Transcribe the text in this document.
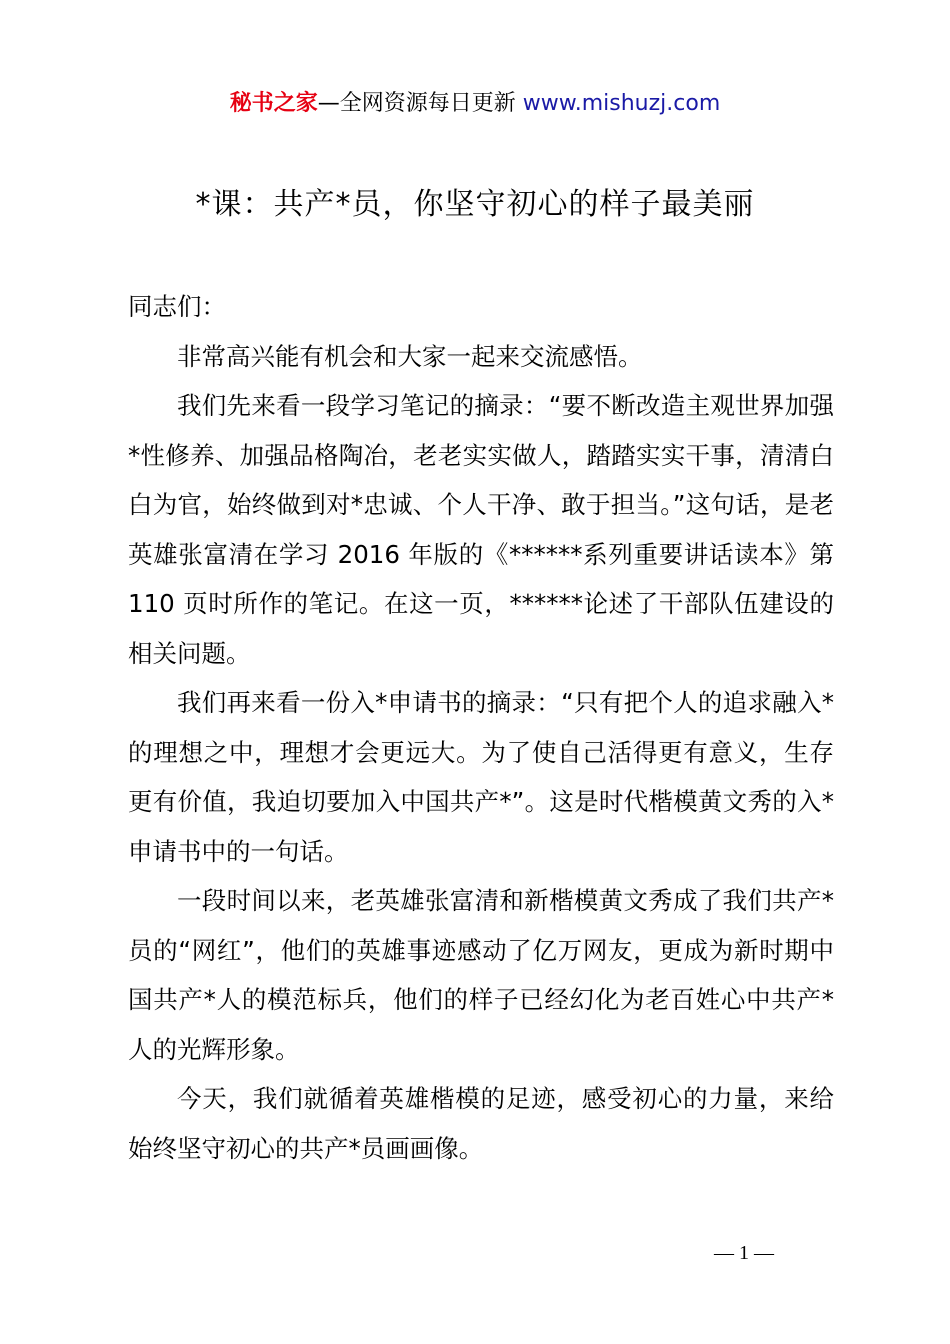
秘书之家—全网资源每日更新 www.mishuzj.com
*课：共产*员，你坚守初心的样子最美丽

同志们：

非常高兴能有机会和大家一起来交流感悟。

我们先来看一段学习笔记的摘录：“要不断改造主观世界加强*性修养、加强品格陶冶，老老实实做人，踏踏实实干事，清清白白为官，始终做到对*忠诚、个人干净、敢于担当。”这句话，是老英雄张富清在学习 2016 年版的《******系列重要讲话读本》第 110 页时所作的笔记。在这一页，******论述了干部队伍建设的相关问题。

我们再来看一份入*申请书的摘录：“只有把个人的追求融入*的理想之中，理想才会更远大。为了使自己活得更有意义，生存更有价值，我迫切要加入中国共产*”。这是时代楷模黄文秀的入*申请书中的一句话。

一段时间以来，老英雄张富清和新楷模黄文秀成了我们共产*员的“网红”，他们的英雄事迹感动了亿万网友，更成为新时期中国共产*人的模范标兵，他们的样子已经幻化为老百姓心中共产*人的光辉形象。

今天，我们就循着英雄楷模的足迹，感受初心的力量，来给始终坚守初心的共产*员画画像。

— 1 —
